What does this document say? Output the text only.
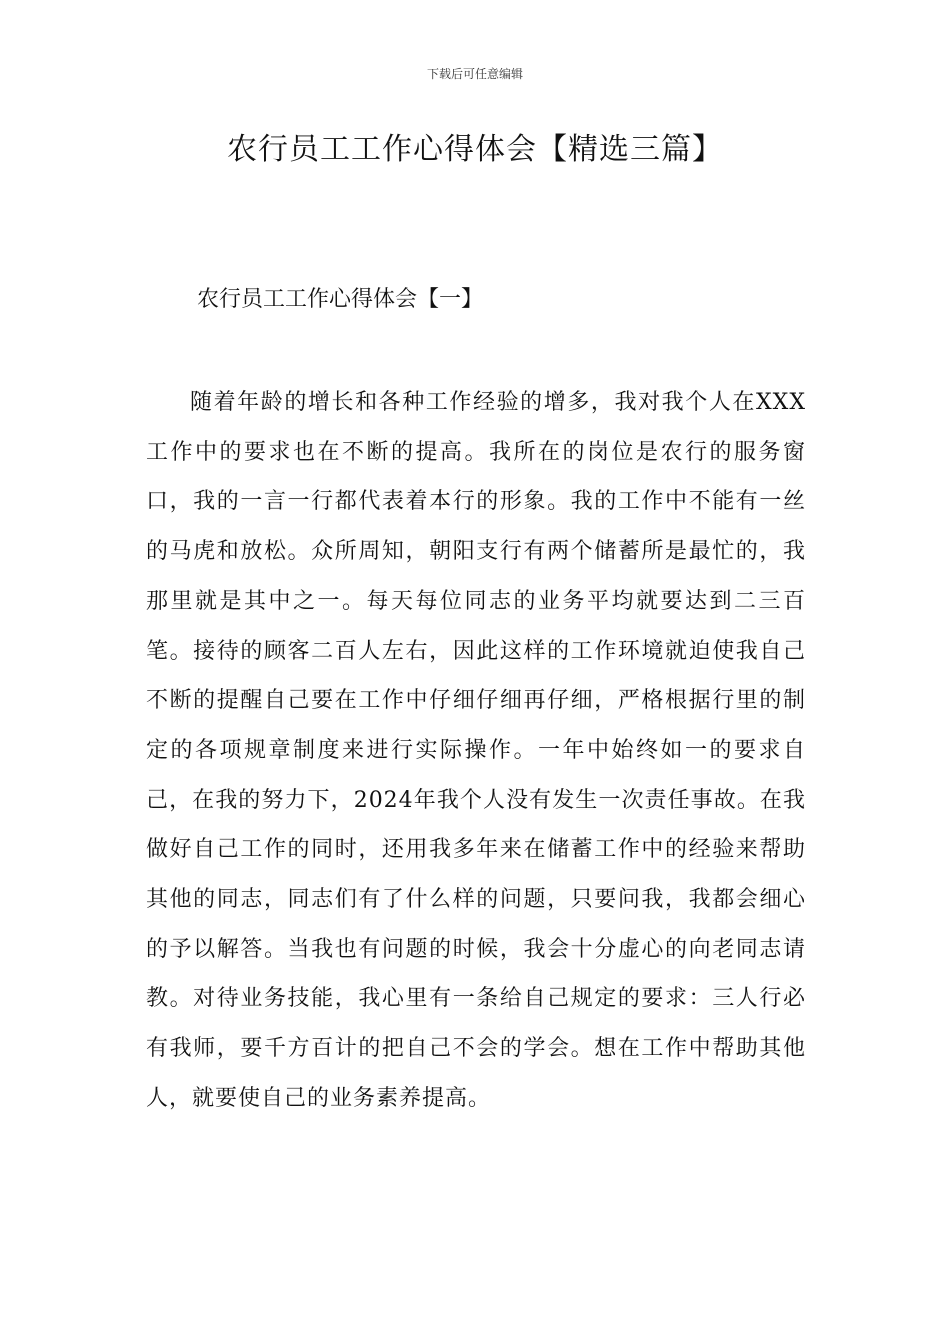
下载后可任意编辑
农行员工工作心得体会【精选三篇】
农行员工工作心得体会【一】

随着年龄的增长和各种工作经验的增多，我对我个人在XXX工作中的要求也在不断的提高。我所在的岗位是农行的服务窗口，我的一言一行都代表着本行的形象。我的工作中不能有一丝的马虎和放松。众所周知，朝阳支行有两个储蓄所是最忙的，我那里就是其中之一。每天每位同志的业务平均就要达到二三百笔。接待的顾客二百人左右，因此这样的工作环境就迫使我自己不断的提醒自己要在工作中仔细仔细再仔细，严格根据行里的制定的各项规章制度来进行实际操作。一年中始终如一的要求自己，在我的努力下，2024年我个人没有发生一次责任事故。在我做好自己工作的同时，还用我多年来在储蓄工作中的经验来帮助其他的同志，同志们有了什么样的问题，只要问我，我都会细心的予以解答。当我也有问题的时候，我会十分虚心的向老同志请教。对待业务技能，我心里有一条给自己规定的要求：三人行必有我师，要千方百计的把自己不会的学会。想在工作中帮助其他人，就要使自己的业务素养提高。
